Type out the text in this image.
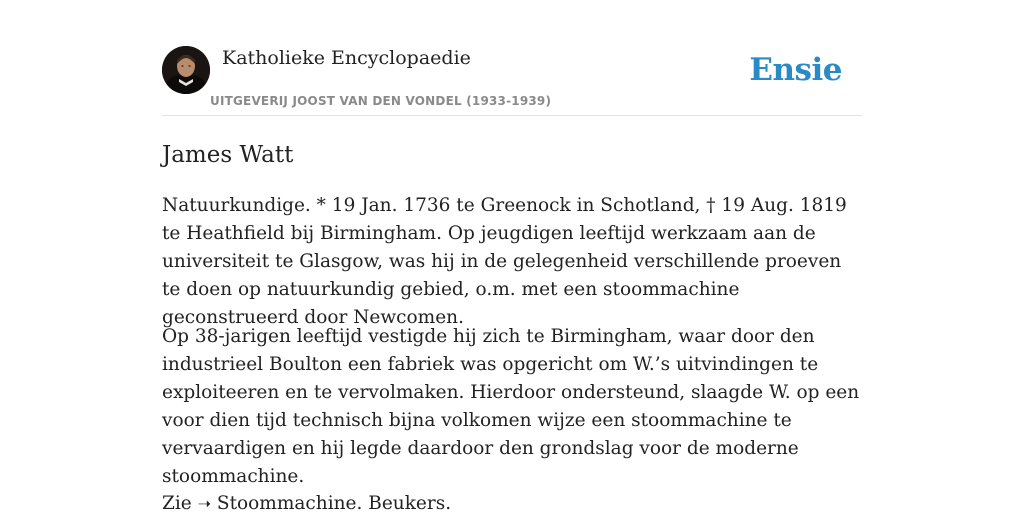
Katholieke Encyclopaedie
UITGEVERIJ JOOST VAN DEN VONDEL (1933-1939)
Ensie
James Watt

Natuurkundige. * 19 Jan. 1736 te Greenock in Schotland, † 19 Aug. 1819 te Heathfield bij Birmingham. Op jeugdigen leeftijd werkzaam aan de universiteit te Glasgow, was hij in de gelegenheid verschillende proeven te doen op natuurkundig gebied, o.m. met een stoommachine geconstrueerd door Newcomen.

Op 38-jarigen leeftijd vestigde hij zich te Birmingham, waar door den industrieel Boulton een fabriek was opgericht om W.’s uitvindingen te exploiteeren en te vervolmaken. Hierdoor ondersteund, slaagde W. op een voor dien tijd technisch bijna volkomen wijze een stoommachine te vervaardigen en hij legde daardoor den grondslag voor de moderne stoommachine.

Zie ➝ Stoommachine. Beukers.
